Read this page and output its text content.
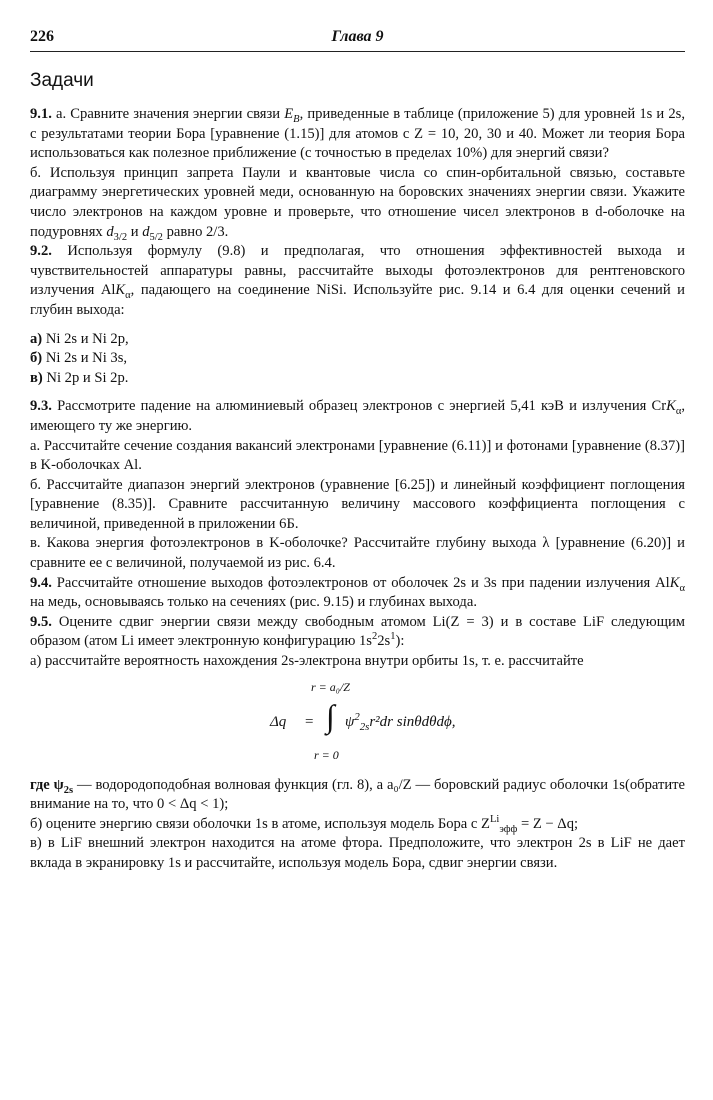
226	Глава 9
Задачи

9.1. а. Сравните значения энергии связи $E_B$, приведенные в таблице (приложение 5) для уровней 1s и 2s, с результатами теории Бора [уравнение (1.15)] для атомов с Z = 10, 20, 30 и 40. Может ли теория Бора использоваться как полезное приближение (с точностью в пределах 10%) для энергий связи?

б. Используя принцип запрета Паули и квантовые числа со спин-орбитальной связью, составьте диаграмму энергетических уровней меди, основанную на боровских значениях энергии связи. Укажите число электронов на каждом уровне и проверьте, что отношение чисел электронов в d-оболочке на подуровнях $d_{3/2}$ и $d_{5/2}$ равно 2/3.

9.2. Используя формулу (9.8) и предполагая, что отношения эффективностей выхода и чувствительностей аппаратуры равны, рассчитайте выходы фотоэлектронов для рентгеновского излучения AlK$_\alpha$, падающего на соединение NiSi. Используйте рис. 9.14 и 6.4 для оценки сечений и глубин выхода:

а) Ni 2s и Ni 2p,

б) Ni 2s и Ni 3s,

в) Ni 2p и Si 2p.

9.3. Рассмотрите падение на алюминиевый образец электронов с энергией 5,41 кэВ и излучения CrK$_\alpha$, имеющего ту же энергию.

а. Рассчитайте сечение создания вакансий электронами [уравнение (6.11)] и фотонами [уравнение (8.37)] в K-оболочках Al.

б. Рассчитайте диапазон энергий электронов (уравнение [6.25]) и линейный коэффициент поглощения [уравнение (8.35)]. Сравните рассчитанную величину массового коэффициента поглощения с величиной, приведенной в приложении 6Б.

в. Какова энергия фотоэлектронов в K-оболочке? Рассчитайте глубину выхода λ [уравнение (6.20)] и сравните ее с величиной, получаемой из рис. 6.4.

9.4. Рассчитайте отношение выходов фотоэлектронов от оболочек 2s и 3s при падении излучения AlK$_\alpha$ на медь, основываясь только на сечениях (рис. 9.15) и глубинах выхода.

9.5. Оцените сдвиг энергии связи между свободным атомом Li(Z = 3) и в составе LiF следующим образом (атом Li имеет электронную конфигурацию $1s^22s^1$):

а) рассчитайте вероятность нахождения 2s-электрона внутри орбиты 1s, т. е. рассчитайте

Δq =
r = a₀/Z
∫
r = 0
$\psi^2_{2s}r^2dr$ sinθdθdϕ,

где $\psi_{2s}$ — водородоподобная волновая функция (гл. 8), а a₀/Z — боровский радиус оболочки 1s(обратите внимание на то, что 0 < Δq < 1);

б) оцените энергию связи оболочки 1s в атоме, используя модель Бора с $Z^{Li}_{эфф} = Z - \Delta q$;

в) в LiF внешний электрон находится на атоме фтора. Предположите, что электрон 2s в LiF не дает вклада в экранировку 1s и рассчитайте, используя модель Бора, сдвиг энергии связи.
